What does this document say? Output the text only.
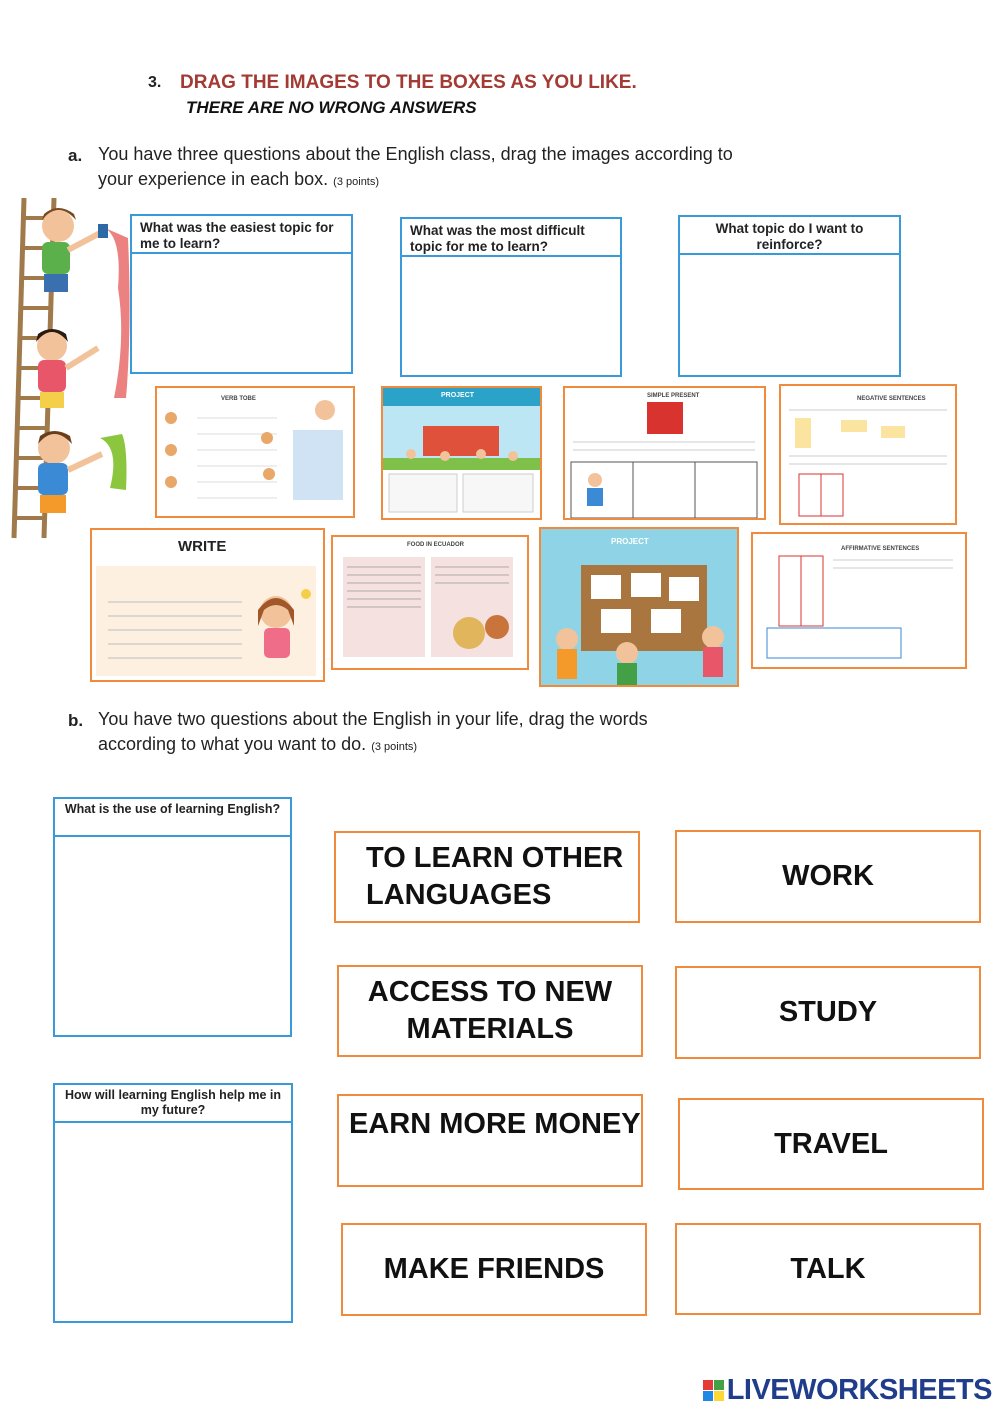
3. DRAG THE IMAGES TO THE BOXES AS YOU LIKE.
THERE ARE NO WRONG ANSWERS
a. You have three questions about the English class, drag the images according to
your experience in each box. (3 points)
What was the easiest topic for me to learn?
What was the most difficult topic for me to learn?
What topic do I want to reinforce?
VERB TOBE	PROJECT	SIMPLE PRESENT	NEGATIVE SENTENCES
WRITE	FOOD IN ECUADOR	PROJECT
AFFIRMATIVE SENTENCES
b. You have two questions about the English in your life, drag the words
according to what you want to do. (3 points)
What is the use of learning English?
How will learning English help me in my future?
TO LEARN OTHER
LANGUAGES
WORK
ACCESS TO NEW
MATERIALS
STUDY
EARN MORE MONEY
TRAVEL
MAKE FRIENDS	TALK
LIVEWORKSHEETS
